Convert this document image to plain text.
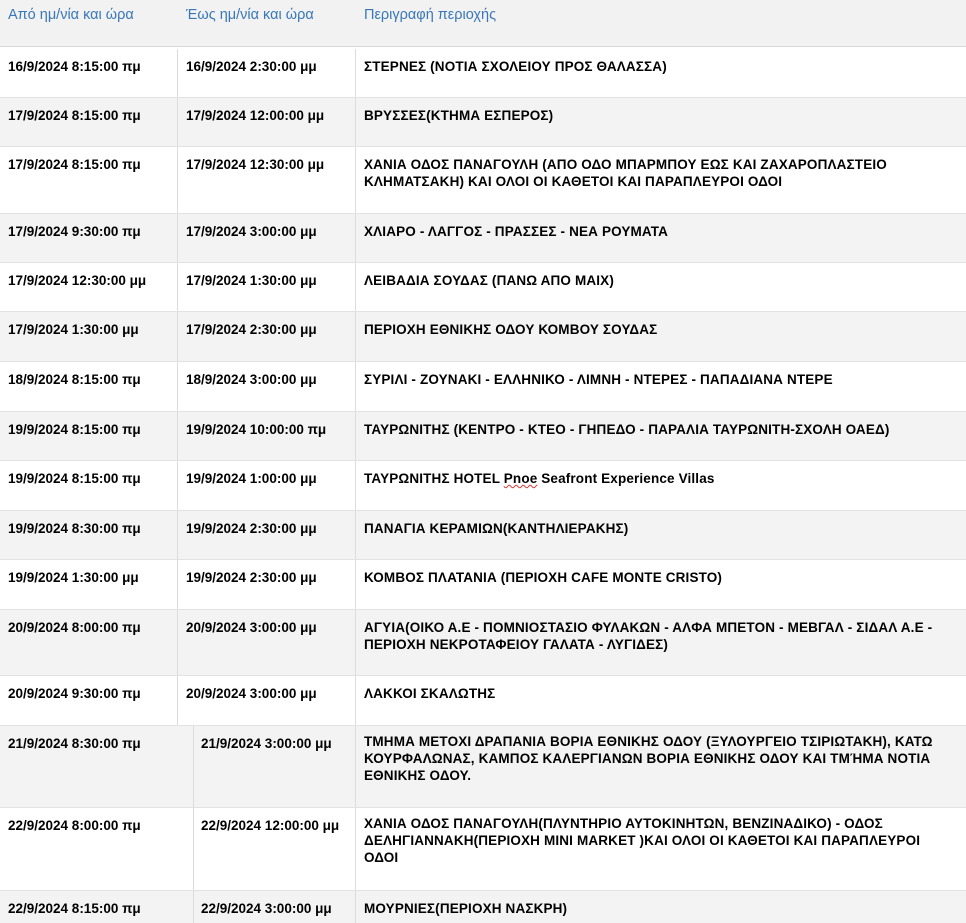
Από ημ/νία και ώρα	Έως ημ/νία και ώρα	Περιγραφή περιοχής
16/9/2024 8:15:00 πμ	16/9/2024 2:30:00 μμ	ΣΤΕΡΝΕΣ (ΝΟΤΙΑ ΣΧΟΛΕΙΟΥ ΠΡΟΣ ΘΑΛΑΣΣΑ)
17/9/2024 8:15:00 πμ	17/9/2024 12:00:00 μμ	ΒΡΥΣΣΕΣ(ΚΤΗΜΑ ΕΣΠΕΡΟΣ)
17/9/2024 8:15:00 πμ	17/9/2024 12:30:00 μμ	ΧΑΝΙΑ ΟΔΟΣ ΠΑΝΑΓΟΥΛΗ (ΑΠΟ ΟΔΟ ΜΠΑΡΜΠΟΥ ΕΩΣ ΚΑΙ ΖΑΧΑΡΟΠΛΑΣΤΕΙΟ ΚΛΗΜΑΤΣΑΚΗ) ΚΑΙ ΟΛΟΙ ΟΙ ΚΑΘΕΤΟΙ ΚΑΙ ΠΑΡΑΠΛΕΥΡΟΙ ΟΔΟΙ
17/9/2024 9:30:00 πμ	17/9/2024 3:00:00 μμ	ΧΛΙΑΡΟ - ΛΑΓΓΟΣ - ΠΡΑΣΣΕΣ - ΝΕΑ ΡΟΥΜΑΤΑ
17/9/2024 12:30:00 μμ	17/9/2024 1:30:00 μμ	ΛΕΙΒΑΔΙΑ ΣΟΥΔΑΣ (ΠΑΝΩ ΑΠΟ ΜΑΙΧ)
17/9/2024 1:30:00 μμ	17/9/2024 2:30:00 μμ	ΠΕΡΙΟΧΗ ΕΘΝΙΚΗΣ ΟΔΟΥ ΚΟΜΒΟΥ ΣΟΥΔΑΣ
18/9/2024 8:15:00 πμ	18/9/2024 3:00:00 μμ	ΣΥΡΙΛΙ - ΖΟΥΝΑΚΙ - ΕΛΛΗΝΙΚΟ - ΛΙΜΝΗ - ΝΤΕΡΕΣ - ΠΑΠΑΔΙΑΝΑ ΝΤΕΡΕ
19/9/2024 8:15:00 πμ	19/9/2024 10:00:00 πμ	ΤΑΥΡΩΝΙΤΗΣ (ΚΕΝΤΡΟ - ΚΤΕΟ - ΓΗΠΕΔΟ - ΠΑΡΑΛΙΑ ΤΑΥΡΩΝΙΤΗ-ΣΧΟΛΗ ΟΑΕΔ)
19/9/2024 8:15:00 πμ	19/9/2024 1:00:00 μμ	ΤΑΥΡΩΝΙΤΗΣ HOTEL Pnoe Seafront Experience Villas
19/9/2024 8:30:00 πμ	19/9/2024 2:30:00 μμ	ΠΑΝΑΓΙΑ ΚΕΡΑΜΙΩΝ(ΚΑΝΤΗΛΙΕΡΑΚΗΣ)
19/9/2024 1:30:00 μμ	19/9/2024 2:30:00 μμ	ΚΟΜΒΟΣ ΠΛΑΤΑΝΙΑ (ΠΕΡΙΟΧΗ CAFE MONTE CRISTO)
20/9/2024 8:00:00 πμ	20/9/2024 3:00:00 μμ	ΑΓΥΙΑ(ΟΙΚΟ Α.Ε - ΠΟΜΝΙΟΣΤΑΣΙΟ ΦΥΛΑΚΩΝ - ΑΛΦΑ ΜΠΕΤΟΝ - ΜΕΒΓΑΛ - ΣΙΔΑΛ Α.Ε - ΠΕΡΙΟΧΗ ΝΕΚΡΟΤΑΦΕΙΟΥ ΓΑΛΑΤΑ - ΛΥΓΙΔΕΣ)
20/9/2024 9:30:00 πμ	20/9/2024 3:00:00 μμ	ΛΑΚΚΟΙ ΣΚΑΛΩΤΗΣ
21/9/2024 8:30:00 πμ	21/9/2024 3:00:00 μμ ΤΜΗΜΑ ΜΕΤΟΧΙ ΔΡΑΠΑΝΙΑ ΒΟΡΙΑ ΕΘΝΙΚΗΣ ΟΔΟΥ (ΞΥΛΟΥΡΓΕΙΟ ΤΣΙΡΙΩΤΑΚΗ), ΚΑΤΩ ΚΟΥΡΦΑΛΩΝΑΣ, ΚΑΜΠΟΣ ΚΑΛΕΡΓΙΑΝΩΝ ΒΟΡΙΑ ΕΘΝΙΚΗΣ ΟΔΟΥ ΚΑΙ ΤΜΉΜΑ ΝΟΤΙΑ ΕΘΝΙΚΗΣ ΟΔΟΥ.
22/9/2024 8:00:00 πμ	22/9/2024 12:00:00 μμ ΧΑΝΙΑ ΟΔΟΣ ΠΑΝΑΓΟΥΛΗ(ΠΛΥΝΤΗΡΙΟ ΑΥΤΟΚΙΝΗΤΩΝ, ΒΕΝΖΙΝΑΔΙΚΟ) - ΟΔΟΣ ΔΕΛΗΓΙΑΝΝΑΚΗ(ΠΕΡΙΟΧΗ MINI MARKET )ΚΑΙ ΟΛΟΙ ΟΙ ΚΑΘΕΤΟΙ ΚΑΙ ΠΑΡΑΠΛΕΥΡΟΙ ΟΔΟΙ
22/9/2024 8:15:00 πμ	22/9/2024 3:00:00 μμ ΜΟΥΡΝΙΕΣ(ΠΕΡΙΟΧΗ ΝΑΣΚΡΗ)
